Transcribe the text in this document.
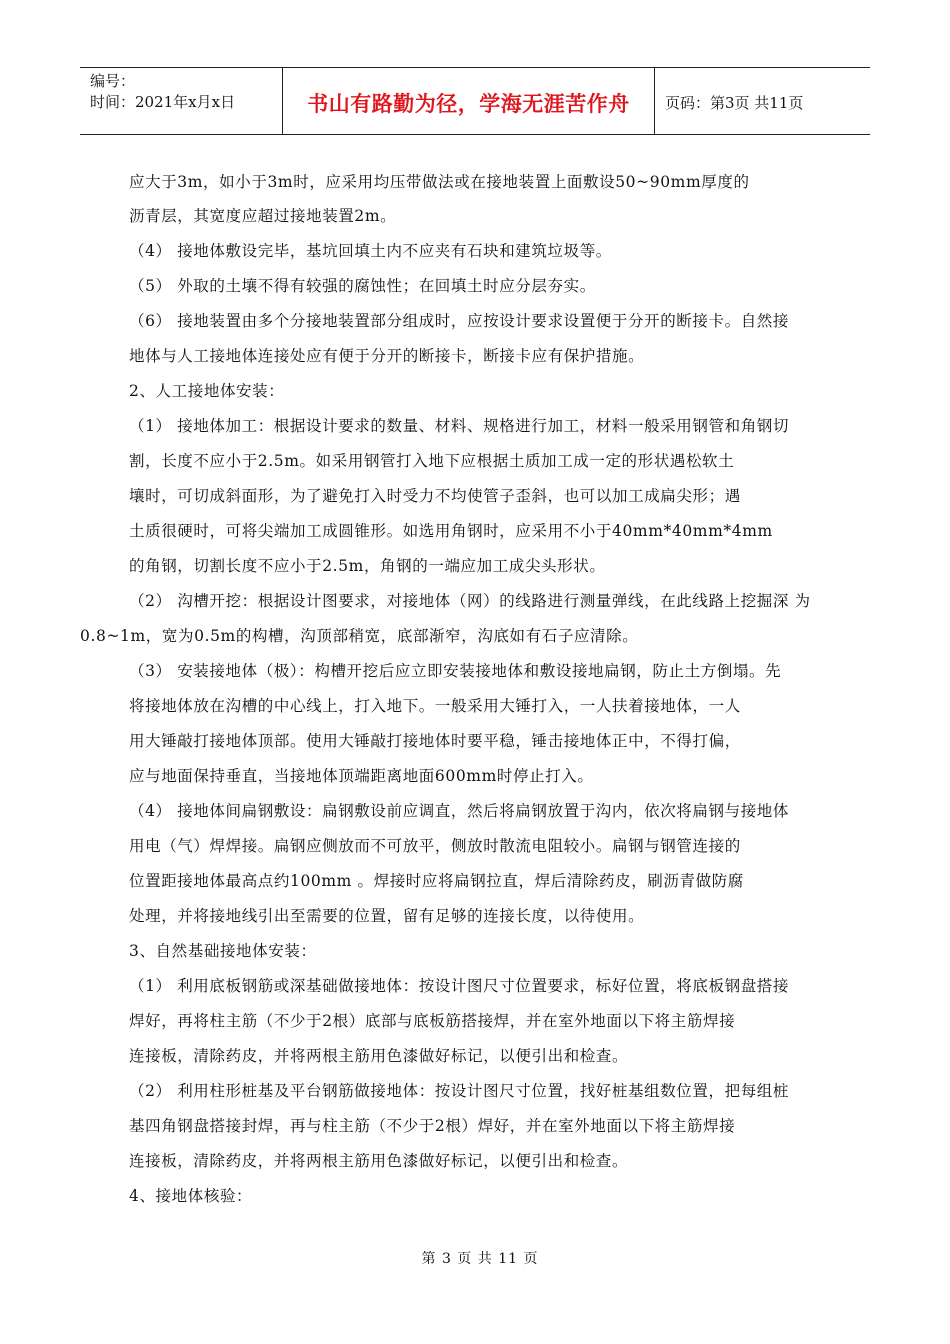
编号：
时间：2021年x月x日	书山有路勤为径，学海无涯苦作舟 页码：第3页 共11页
应大于3m，如小于3m时，应采用均压带做法或在接地装置上面敷设50~90mm厚度的
沥青层，其宽度应超过接地装置2m。
（4） 接地体敷设完毕，基坑回填土内不应夹有石块和建筑垃圾等。
（5） 外取的土壤不得有较强的腐蚀性；在回填土时应分层夯实。
（6） 接地装置由多个分接地装置部分组成时，应按设计要求设置便于分开的断接卡。自然接
地体与人工接地体连接处应有便于分开的断接卡，断接卡应有保护措施。
2、人工接地体安装：
（1） 接地体加工：根据设计要求的数量、材料、规格进行加工，材料一般采用钢管和角钢切
割，长度不应小于2.5m。如采用钢管打入地下应根据土质加工成一定的形状遇松软土
壤时，可切成斜面形，为了避免打入时受力不均使管子歪斜，也可以加工成扁尖形；遇
土质很硬时，可将尖端加工成圆锥形。如选用角钢时，应采用不小于40mm*40mm*4mm
的角钢，切割长度不应小于2.5m，角钢的一端应加工成尖头形状。
（2） 沟槽开挖：根据设计图要求，对接地体（网）的线路进行测量弹线，在此线路上挖掘深 为
0.8~1m，宽为0.5m的构槽，沟顶部稍宽，底部渐窄，沟底如有石子应清除。
（3） 安装接地体（极）：构槽开挖后应立即安装接地体和敷设接地扁钢，防止土方倒塌。先
将接地体放在沟槽的中心线上，打入地下。一般采用大锤打入，一人扶着接地体，一人
用大锤敲打接地体顶部。使用大锤敲打接地体时要平稳，锤击接地体正中，不得打偏，
应与地面保持垂直，当接地体顶端距离地面600mm时停止打入。
（4） 接地体间扁钢敷设：扁钢敷设前应调直，然后将扁钢放置于沟内，依次将扁钢与接地体
用电（气）焊焊接。扁钢应侧放而不可放平，侧放时散流电阻较小。扁钢与钢管连接的
位置距接地体最高点约100mm 。焊接时应将扁钢拉直，焊后清除药皮，刷沥青做防腐
处理，并将接地线引出至需要的位置，留有足够的连接长度，以待使用。
3、自然基础接地体安装：
（1） 利用底板钢筋或深基础做接地体：按设计图尺寸位置要求，标好位置，将底板钢盘搭接
焊好，再将柱主筋（不少于2根）底部与底板筋搭接焊，并在室外地面以下将主筋焊接
连接板，清除药皮，并将两根主筋用色漆做好标记，以便引出和检查。
（2） 利用柱形桩基及平台钢筋做接地体：按设计图尺寸位置，找好桩基组数位置，把每组桩
基四角钢盘搭接封焊，再与柱主筋（不少于2根）焊好，并在室外地面以下将主筋焊接
连接板，清除药皮，并将两根主筋用色漆做好标记，以便引出和检查。
4、接地体核验：
第 3 页 共 11 页
